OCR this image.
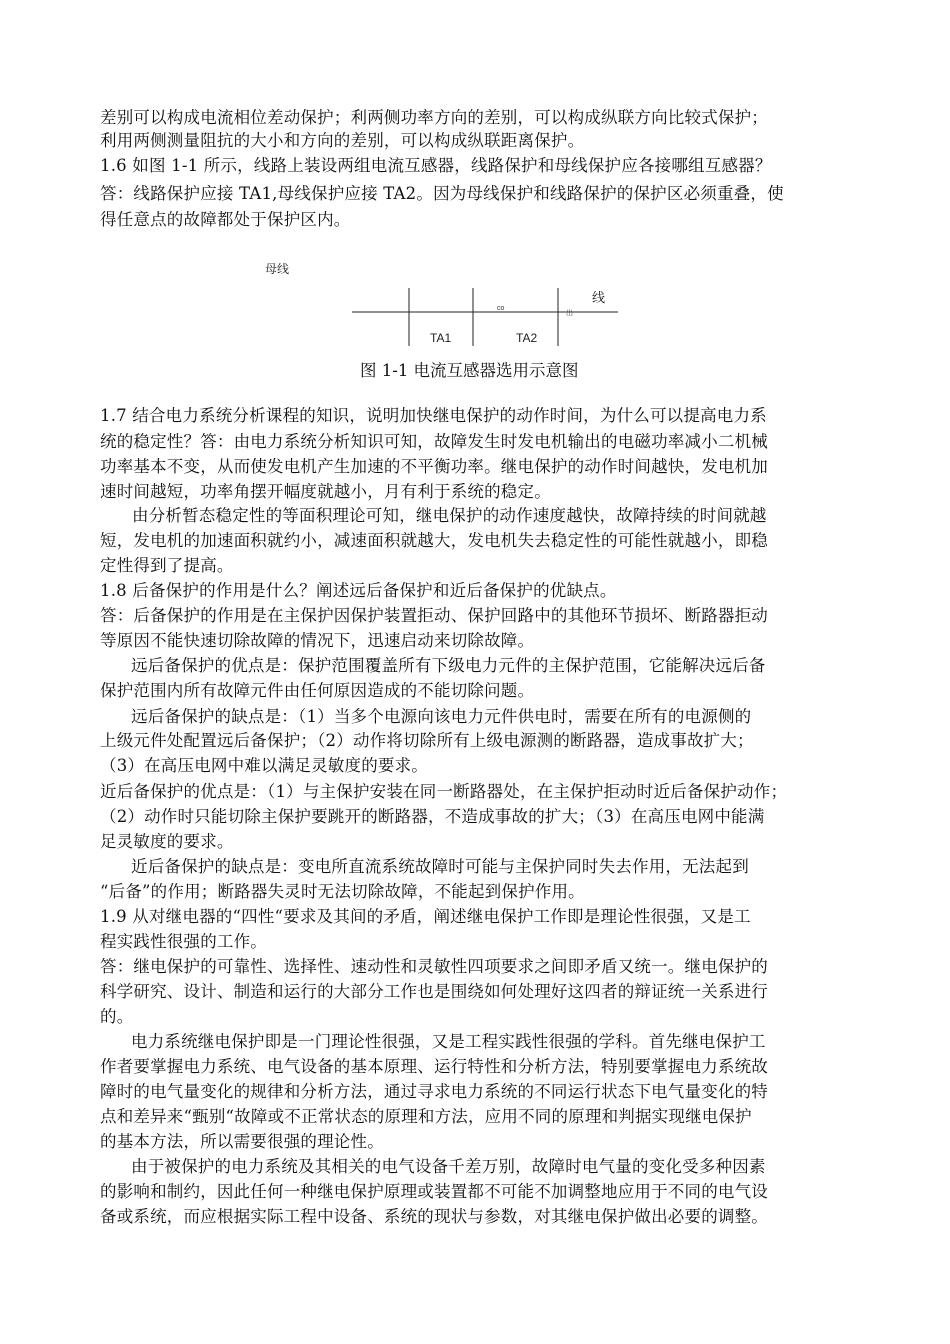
差别可以构成电流相位差动保护；利两侧功率方向的差别，可以构成纵联方向比较式保护；
利用两侧测量阻抗的大小和方向的差别，可以构成纵联距离保护。
1.6 如图 1-1 所示，线路上装设两组电流互感器，线路保护和母线保护应各接哪组互感器？
答：线路保护应接 TA1,母线保护应接 TA2。因为母线保护和线路保护的保护区必须重叠，使
得任意点的故障都处于保护区内。
母线
co
出
线
TA1	TA2
图 1-1 电流互感器选用示意图
1.7 结合电力系统分析课程的知识，说明加快继电保护的动作时间，为什么可以提高电力系
统的稳定性？答：由电力系统分析知识可知，故障发生时发电机输出的电磁功率减小二机械
功率基本不变，从而使发电机产生加速的不平衡功率。继电保护的动作时间越快，发电机加
速时间越短，功率角摆开幅度就越小，月有利于系统的稳定。
由分析暂态稳定性的等面积理论可知，继电保护的动作速度越快，故障持续的时间就越
短，发电机的加速面积就约小，减速面积就越大，发电机失去稳定性的可能性就越小，即稳
定性得到了提高。
1.8 后备保护的作用是什么？阐述远后备保护和近后备保护的优缺点。
答：后备保护的作用是在主保护因保护装置拒动、保护回路中的其他环节损坏、断路器拒动
等原因不能快速切除故障的情况下，迅速启动来切除故障。
远后备保护的优点是：保护范围覆盖所有下级电力元件的主保护范围，它能解决远后备
保护范围内所有故障元件由任何原因造成的不能切除问题。
远后备保护的缺点是：（1）当多个电源向该电力元件供电时，需要在所有的电源侧的
上级元件处配置远后备保护；（2）动作将切除所有上级电源测的断路器，造成事故扩大；
（3）在高压电网中难以满足灵敏度的要求。
近后备保护的优点是：（1）与主保护安装在同一断路器处，在主保护拒动时近后备保护动作；
（2）动作时只能切除主保护要跳开的断路器，不造成事故的扩大；（3）在高压电网中能满
足灵敏度的要求。
近后备保护的缺点是：变电所直流系统故障时可能与主保护同时失去作用，无法起到
“后备”的作用；断路器失灵时无法切除故障，不能起到保护作用。
1.9 从对继电器的“四性“要求及其间的矛盾，阐述继电保护工作即是理论性很强，又是工
程实践性很强的工作。
答：继电保护的可靠性、选择性、速动性和灵敏性四项要求之间即矛盾又统一。继电保护的
科学研究、设计、制造和运行的大部分工作也是围绕如何处理好这四者的辩证统一关系进行
的。
电力系统继电保护即是一门理论性很强，又是工程实践性很强的学科。首先继电保护工
作者要掌握电力系统、电气设备的基本原理、运行特性和分析方法，特别要掌握电力系统故
障时的电气量变化的规律和分析方法，通过寻求电力系统的不同运行状态下电气量变化的特
点和差异来“甄别“故障或不正常状态的原理和方法，应用不同的原理和判据实现继电保护
的基本方法，所以需要很强的理论性。
由于被保护的电力系统及其相关的电气设备千差万别，故障时电气量的变化受多种因素
的影响和制约，因此任何一种继电保护原理或装置都不可能不加调整地应用于不同的电气设
备或系统，而应根据实际工程中设备、系统的现状与参数，对其继电保护做出必要的调整。
